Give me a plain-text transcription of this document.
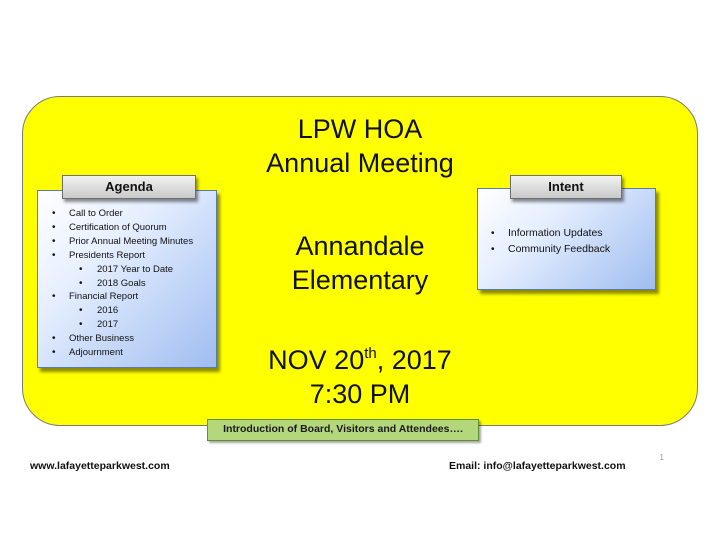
LPW HOA
Annual Meeting
Annandale
Elementary
NOV 20th, 2017
7:30 PM
Agenda
• Call to Order
• Certification of Quorum
• Prior Annual Meeting Minutes
• Presidents Report
• 2017 Year to Date
• 2018 Goals
• Financial Report
• 2016
• 2017
• Other Business
• Adjournment
Intent
• Information Updates
• Community Feedback
Introduction of Board, Visitors and Attendees….
1
www.lafayetteparkwest.com	Email: info@lafayetteparkwest.com
